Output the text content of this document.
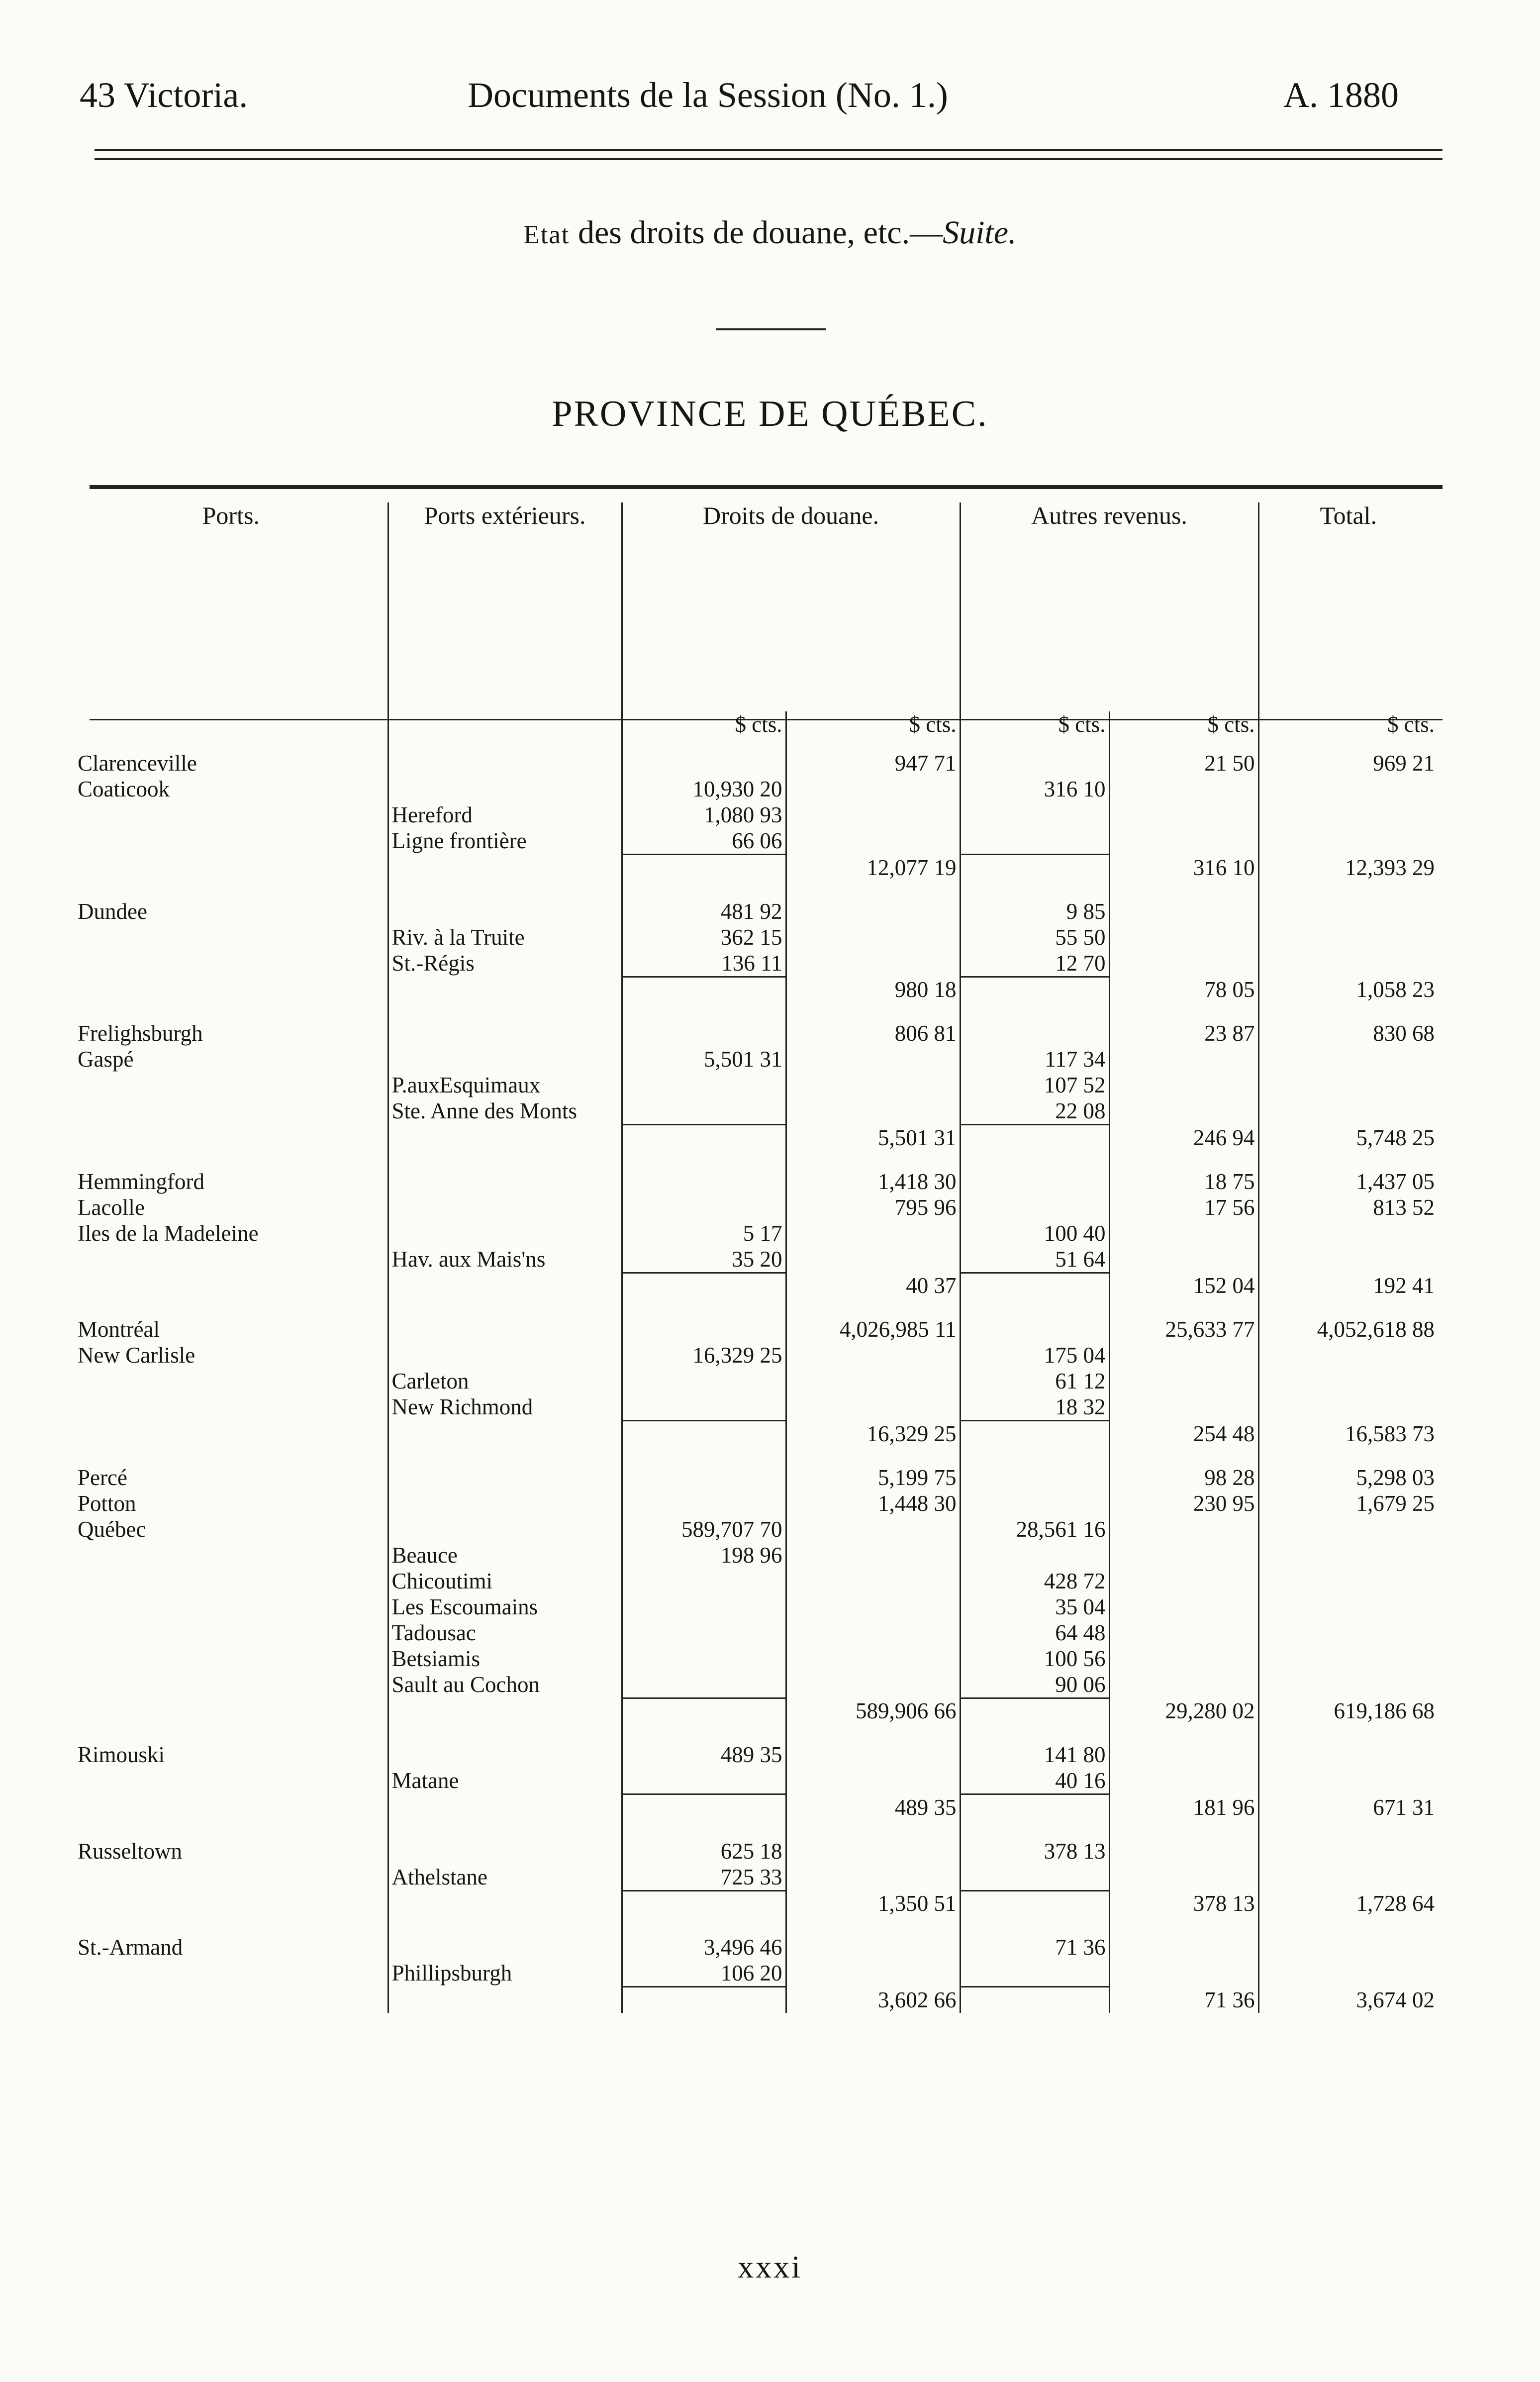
43 Victoria.	Documents de la Session (No. 1.)	A. 1880
Etat des droits de douane, etc.—Suite.
PROVINCE DE QUÉBEC.
Ports.	Ports extérieurs.	Droits de douane.		Autres revenus.		Total.
		$ cts.	$ cts.	$ cts.	$ cts.	$ cts.
Clarenceville			947 71		21 50	969 21
Coaticook		10,930 20		316 10		
	Hereford	1,080 93				
	Ligne frontière	66 06				
			12,077 19		316 10	12,393 29

Dundee		481 92		9 85		
	Riv. à la Truite	362 15		55 50		
	St.-Régis	136 11		12 70		
			980 18		78 05	1,058 23

Frelighsburgh			806 81		23 87	830 68
Gaspé		5,501 31		117 34		
	P.auxEsquimaux			107 52		
	Ste. Anne des Monts			22 08		
			5,501 31		246 94	5,748 25

Hemmingford			1,418 30		18 75	1,437 05
Lacolle			795 96		17 56	813 52
Iles de la Madeleine		5 17		100 40		
	Hav. aux Mais'ns	35 20		51 64		
			40 37		152 04	192 41

Montréal			4,026,985 11		25,633 77	4,052,618 88
New Carlisle		16,329 25		175 04		
	Carleton			61 12		
	New Richmond			18 32		
			16,329 25		254 48	16,583 73

Percé			5,199 75		98 28	5,298 03
Potton			1,448 30		230 95	1,679 25
Québec		589,707 70		28,561 16		
	Beauce	198 96				
	Chicoutimi			428 72		
	Les Escoumains			35 04		
	Tadousac			64 48		
	Betsiamis			100 56		
	Sault au Cochon			90 06		
			589,906 66		29,280 02	619,186 68

Rimouski		489 35		141 80		
	Matane			40 16		
			489 35		181 96	671 31

Russeltown		625 18		378 13		
	Athelstane	725 33				
			1,350 51		378 13	1,728 64

St.-Armand		3,496 46		71 36		
	Phillipsburgh	106 20				
			3,602 66		71 36	3,674 02
xxxi
